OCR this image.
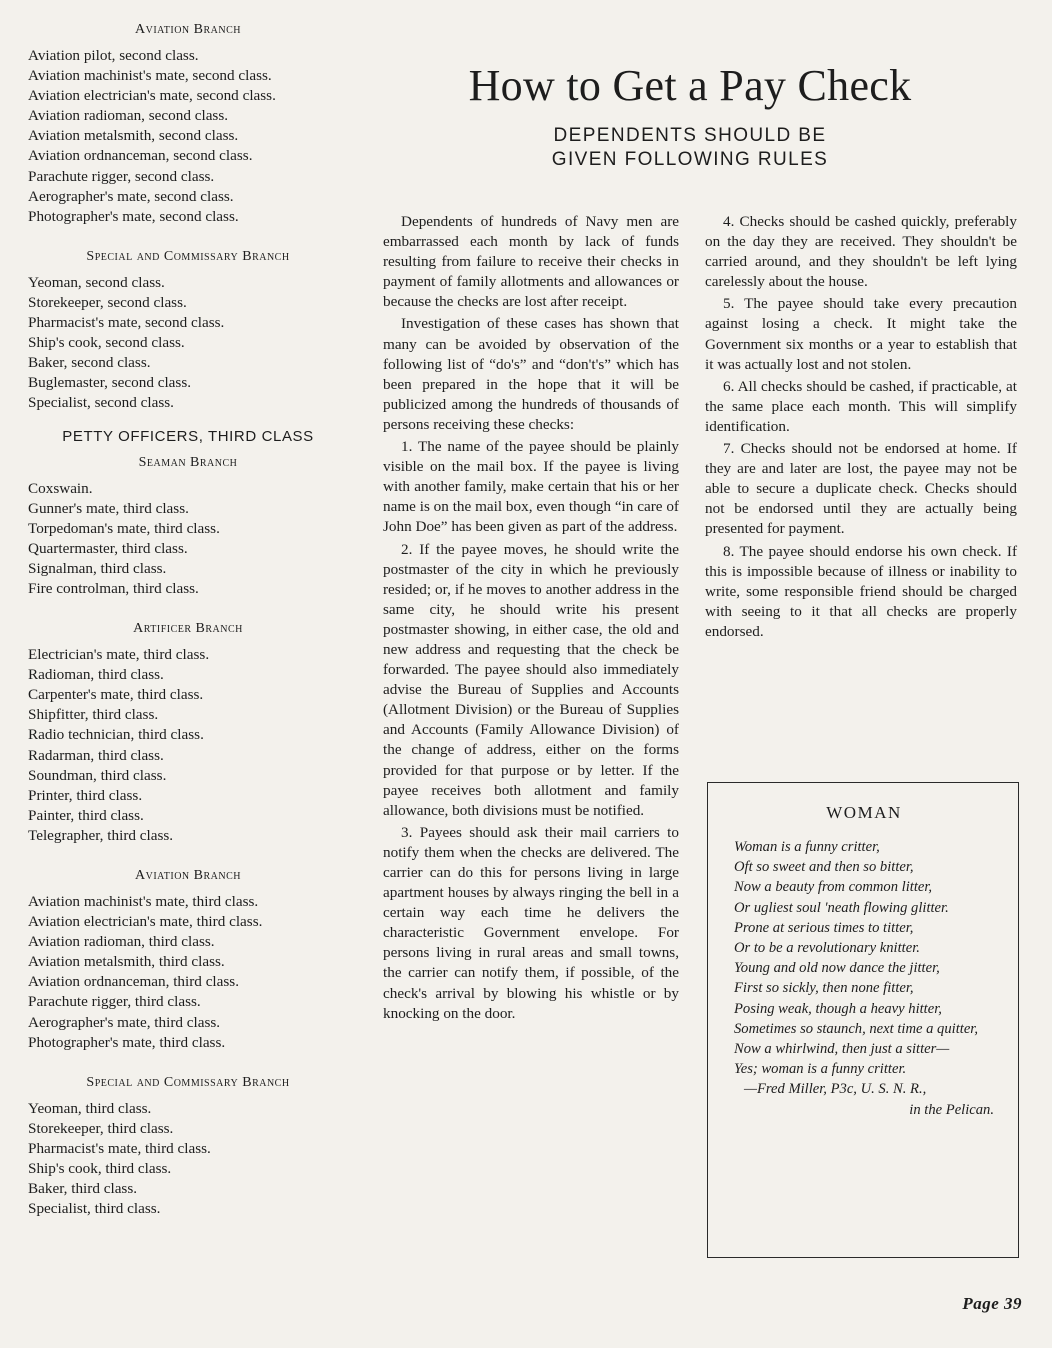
Aviation Branch
Aviation pilot, second class.
Aviation machinist's mate, second class.
Aviation electrician's mate, second class.
Aviation radioman, second class.
Aviation metalsmith, second class.
Aviation ordnanceman, second class.
Parachute rigger, second class.
Aerographer's mate, second class.
Photographer's mate, second class.
Special and Commissary Branch
Yeoman, second class.
Storekeeper, second class.
Pharmacist's mate, second class.
Ship's cook, second class.
Baker, second class.
Buglemaster, second class.
Specialist, second class.
PETTY OFFICERS, THIRD CLASS
Seaman Branch
Coxswain.
Gunner's mate, third class.
Torpedoman's mate, third class.
Quartermaster, third class.
Signalman, third class.
Fire controlman, third class.
Artificer Branch
Electrician's mate, third class.
Radioman, third class.
Carpenter's mate, third class.
Shipfitter, third class.
Radio technician, third class.
Radarman, third class.
Soundman, third class.
Printer, third class.
Painter, third class.
Telegrapher, third class.
Aviation Branch
Aviation machinist's mate, third class.
Aviation electrician's mate, third class.
Aviation radioman, third class.
Aviation metalsmith, third class.
Aviation ordnanceman, third class.
Parachute rigger, third class.
Aerographer's mate, third class.
Photographer's mate, third class.
Special and Commissary Branch
Yeoman, third class.
Storekeeper, third class.
Pharmacist's mate, third class.
Ship's cook, third class.
Baker, third class.
Specialist, third class.
How to Get a Pay Check
DEPENDENTS SHOULD BE
GIVEN FOLLOWING RULES

Dependents of hundreds of Navy men are embarrassed each month by lack of funds resulting from failure to receive their checks in payment of family allotments and allowances or because the checks are lost after receipt.

Investigation of these cases has shown that many can be avoided by observation of the following list of “do's” and “don't's” which has been prepared in the hope that it will be publicized among the hundreds of thousands of persons receiving these checks:

1. The name of the payee should be plainly visible on the mail box. If the payee is living with another family, make certain that his or her name is on the mail box, even though “in care of John Doe” has been given as part of the address.

2. If the payee moves, he should write the postmaster of the city in which he previously resided; or, if he moves to another address in the same city, he should write his present postmaster showing, in either case, the old and new address and requesting that the check be forwarded. The payee should also immediately advise the Bureau of Supplies and Accounts (Allotment Division) or the Bureau of Supplies and Accounts (Family Allowance Division) of the change of address, either on the forms provided for that purpose or by letter. If the payee receives both allotment and family allowance, both divisions must be notified.

3. Payees should ask their mail carriers to notify them when the checks are delivered. The carrier can do this for persons living in large apartment houses by always ringing the bell in a certain way each time he delivers the characteristic Government envelope. For persons living in rural areas and small towns, the carrier can notify them, if possible, of the check's arrival by blowing his whistle or by knocking on the door.

4. Checks should be cashed quickly, preferably on the day they are received. They shouldn't be carried around, and they shouldn't be left lying carelessly about the house.

5. The payee should take every precaution against losing a check. It might take the Government six months or a year to establish that it was actually lost and not stolen.

6. All checks should be cashed, if practicable, at the same place each month. This will simplify identification.

7. Checks should not be endorsed at home. If they are and later are lost, the payee may not be able to secure a duplicate check. Checks should not be endorsed until they are actually being presented for payment.

8. The payee should endorse his own check. If this is impossible because of illness or inability to write, some responsible friend should be charged with seeing to it that all checks are properly endorsed.

WOMAN
Woman is a funny critter,
Oft so sweet and then so bitter,
Now a beauty from common litter,
Or ugliest soul 'neath flowing glitter.
Prone at serious times to titter,
Or to be a revolutionary knitter.
Young and old now dance the jitter,
First so sickly, then none fitter,
Posing weak, though a heavy hitter,
Sometimes so staunch, next time a quitter,
Now a whirlwind, then just a sitter—
Yes; woman is a funny critter.
—Fred Miller, P3c, U. S. N. R.,
in the Pelican.
Page 39
